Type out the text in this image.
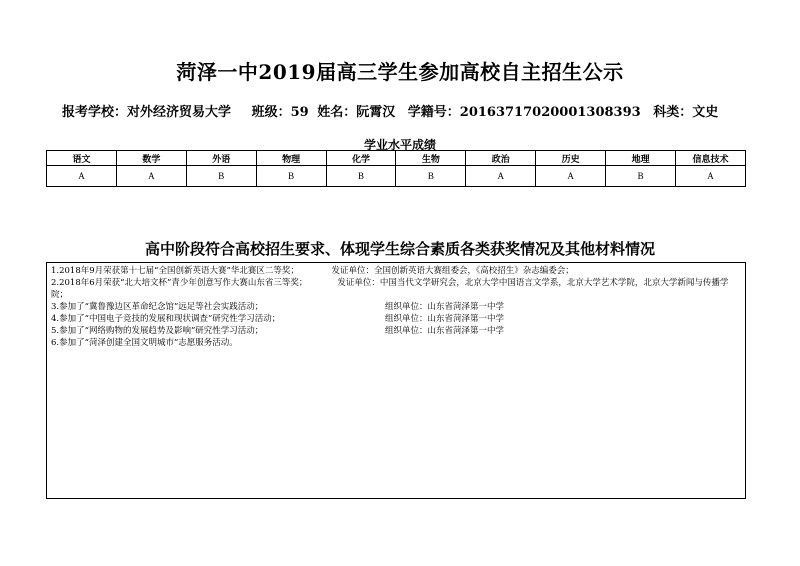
菏泽一中2019届高三学生参加高校自主招生公示
报考学校：对外经济贸易大学 班级：59 姓名：阮霄汉 学籍号：20163717020001308393 科类：文史
学业水平成绩
语文	数学	外语	物理	化学	生物	政治	历史	地理	信息技术
A	A	B	B	B	B	A	A	B	A
高中阶段符合高校招生要求、体现学生综合素质各类获奖情况及其他材料情况
1.2018年9月荣获第十七届“全国创新英语大赛”华北赛区二等奖；	发证单位：全国创新英语大赛组委会，《高校招生》杂志编委会；
2.2018年6月荣获“北大培文杯”青少年创意写作大赛山东省三等奖；	发证单位：中国当代文学研究会，北京大学中国语言文学系，北京大学艺术学院，北京大学新闻与传播学院；
3.参加了“冀鲁豫边区革命纪念馆”远足等社会实践活动；	组织单位：山东省菏泽第一中学
4.参加了“中国电子竞技的发展和现状调查”研究性学习活动；	组织单位：山东省菏泽第一中学
5.参加了“网络购物的发展趋势及影响”研究性学习活动；	组织单位：山东省菏泽第一中学
6.参加了“菏泽创建全国文明城市”志愿服务活动。
